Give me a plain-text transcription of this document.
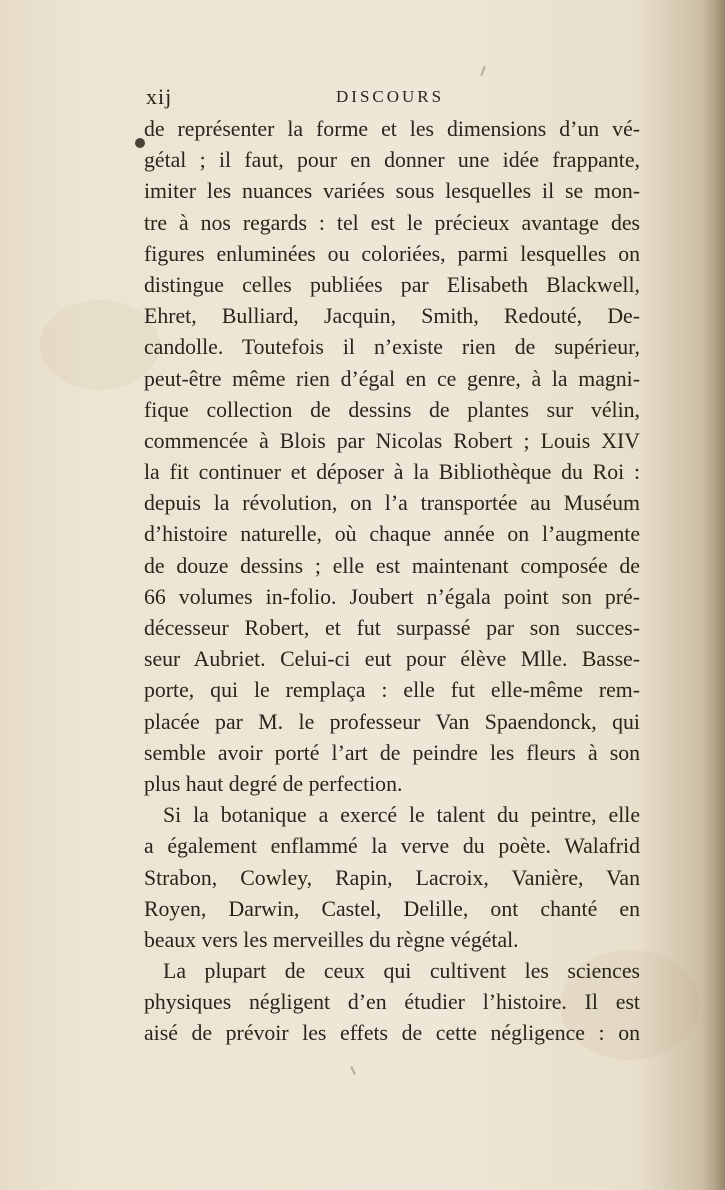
xij	DISCOURS
de représenter la forme et les dimensions d’un vé-
gétal ; il faut, pour en donner une idée frappante,
imiter les nuances variées sous lesquelles il se mon-
tre à nos regards : tel est le précieux avantage des
figures enluminées ou coloriées, parmi lesquelles on
distingue celles publiées par Elisabeth Blackwell,
Ehret, Bulliard, Jacquin, Smith, Redouté, De-
candolle. Toutefois il n’existe rien de supérieur,
peut-être même rien d’égal en ce genre, à la magni-
fique collection de dessins de plantes sur vélin,
commencée à Blois par Nicolas Robert ; Louis XIV
la fit continuer et déposer à la Bibliothèque du Roi :
depuis la révolution, on l’a transportée au Muséum
d’histoire naturelle, où chaque année on l’augmente
de douze dessins ; elle est maintenant composée de
66 volumes in-folio. Joubert n’égala point son pré-
décesseur Robert, et fut surpassé par son succes-
seur Aubriet. Celui-ci eut pour élève Mlle. Basse-
porte, qui le remplaça : elle fut elle-même rem-
placée par M. le professeur Van Spaendonck, qui
semble avoir porté l’art de peindre les fleurs à son
plus haut degré de perfection.
Si la botanique a exercé le talent du peintre, elle
a également enflammé la verve du poète. Walafrid
Strabon, Cowley, Rapin, Lacroix, Vanière, Van
Royen, Darwin, Castel, Delille, ont chanté en
beaux vers les merveilles du règne végétal.
La plupart de ceux qui cultivent les sciences
physiques négligent d’en étudier l’histoire. Il est
aisé de prévoir les effets de cette négligence : on
